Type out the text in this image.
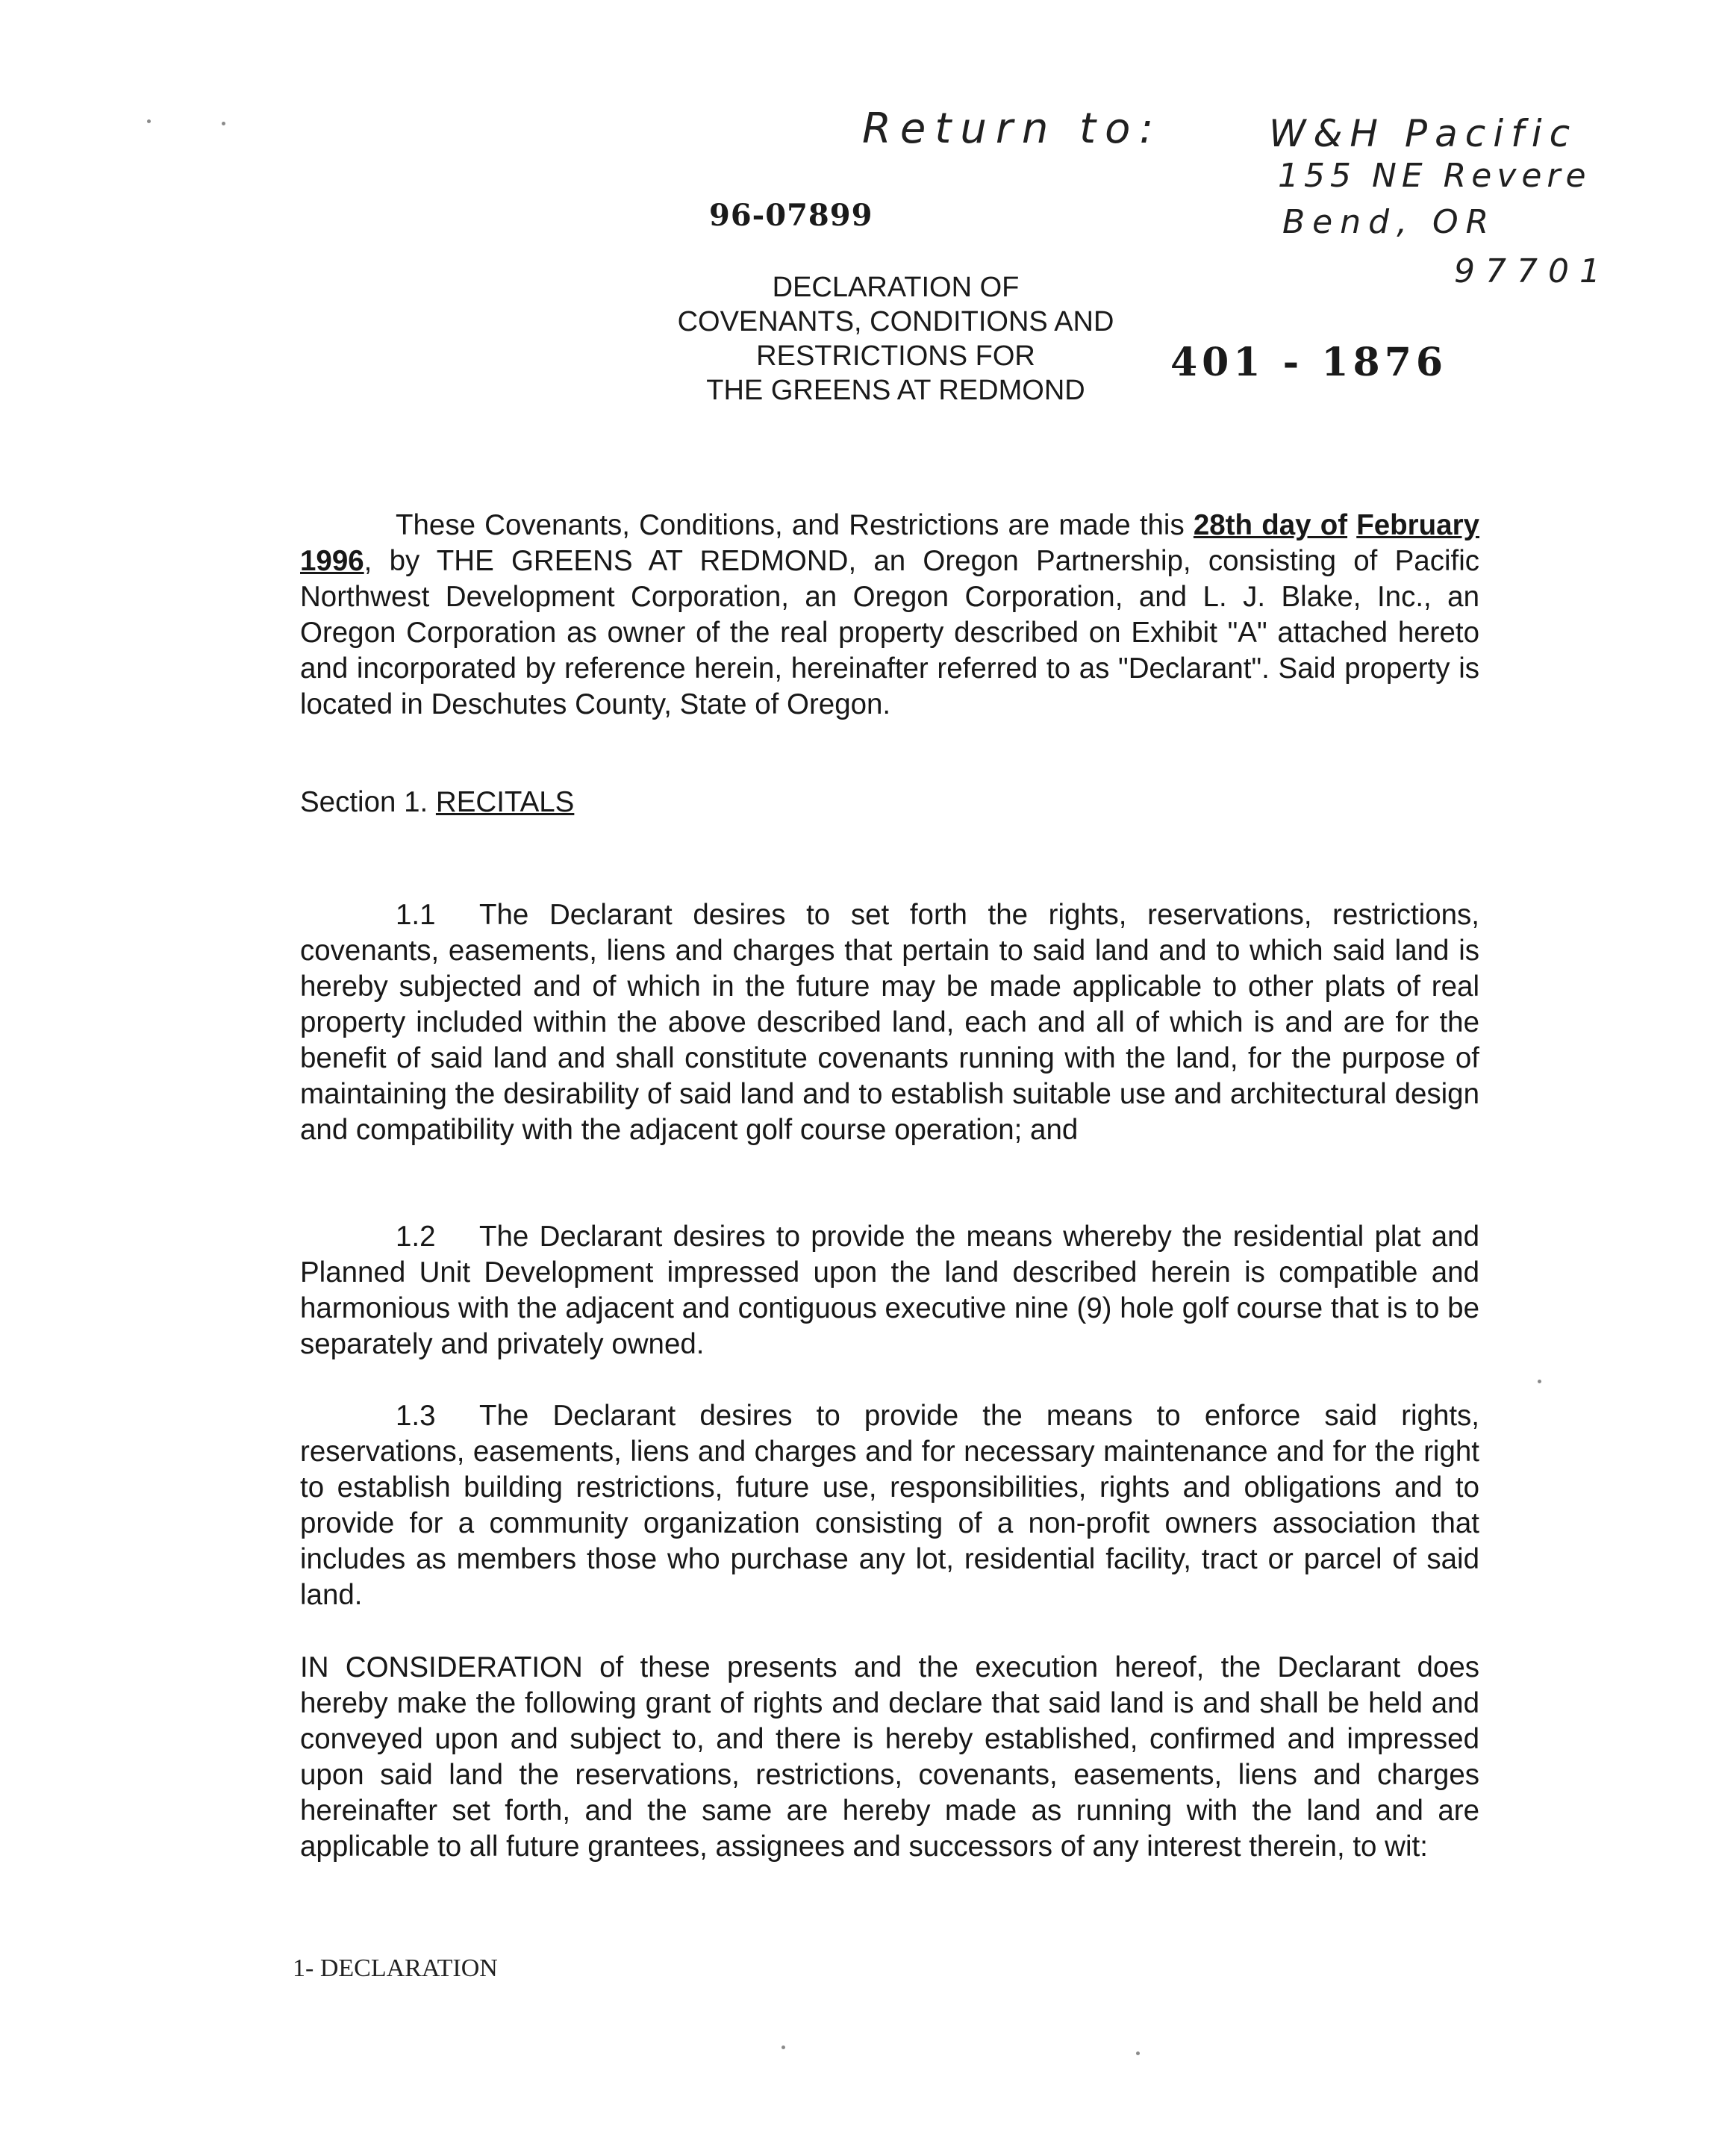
Return to:	W&H Pacific
155 NE Revere
Bend, OR
97701
96-07899
401 - 1876
DECLARATION OF
COVENANTS, CONDITIONS AND
RESTRICTIONS FOR
THE GREENS AT REDMOND
These Covenants, Conditions, and Restrictions are made this 28th day of February 1996, by THE GREENS AT REDMOND, an Oregon Partnership, consisting of Pacific Northwest Development Corporation, an Oregon Corporation, and L. J. Blake, Inc., an Oregon Corporation as owner of the real property described on Exhibit "A" attached hereto and incorporated by reference herein, hereinafter referred to as "Declarant". Said property is located in Deschutes County, State of Oregon.
Section 1. RECITALS
1.1 The Declarant desires to set forth the rights, reservations, restrictions, covenants, easements, liens and charges that pertain to said land and to which said land is hereby subjected and of which in the future may be made applicable to other plats of real property included within the above described land, each and all of which is and are for the benefit of said land and shall constitute covenants running with the land, for the purpose of maintaining the desirability of said land and to establish suitable use and architectural design and compatibility with the adjacent golf course operation; and
1.2 The Declarant desires to provide the means whereby the residential plat and Planned Unit Development impressed upon the land described herein is compatible and harmonious with the adjacent and contiguous executive nine (9) hole golf course that is to be separately and privately owned.
1.3 The Declarant desires to provide the means to enforce said rights, reservations, easements, liens and charges and for necessary maintenance and for the right to establish building restrictions, future use, responsibilities, rights and obligations and to provide for a community organization consisting of a non-profit owners association that includes as members those who purchase any lot, residential facility, tract or parcel of said land.
IN CONSIDERATION of these presents and the execution hereof, the Declarant does hereby make the following grant of rights and declare that said land is and shall be held and conveyed upon and subject to, and there is hereby established, confirmed and impressed upon said land the reservations, restrictions, covenants, easements, liens and charges hereinafter set forth, and the same are hereby made as running with the land and are applicable to all future grantees, assignees and successors of any interest therein, to wit:
1- DECLARATION
